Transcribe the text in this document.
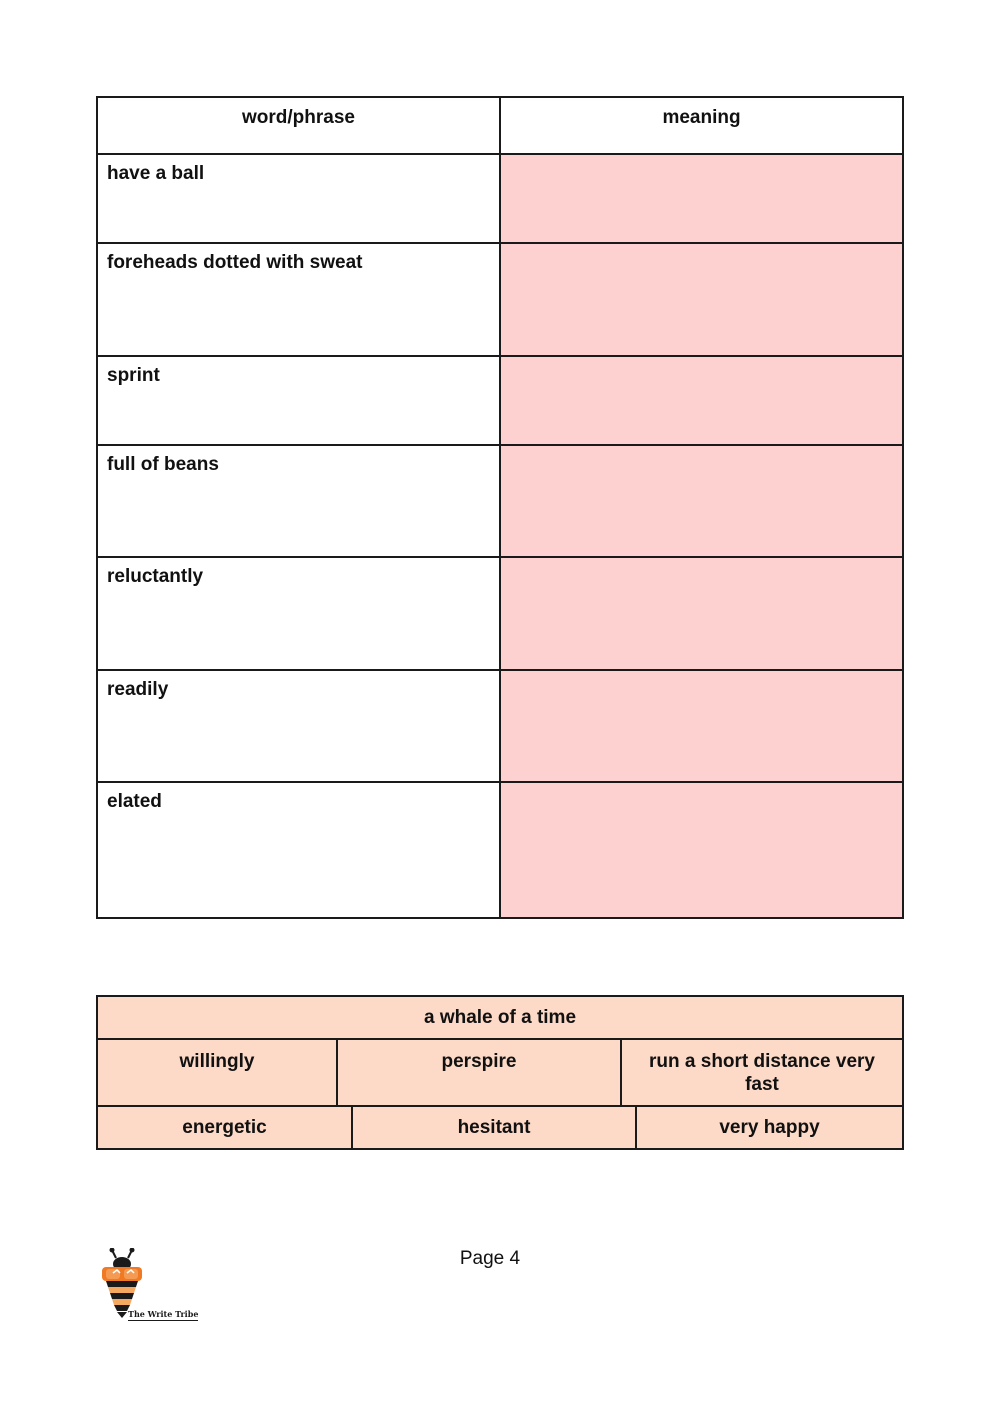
word/phrase	meaning
have a ball	
foreheads dotted with sweat	
sprint	
full of beans	
reluctantly	
readily	
elated	
a whale of a time
willingly	perspire	run a short distance very fast
energetic	hesitant	very happy
Page 4
The Write Tribe
